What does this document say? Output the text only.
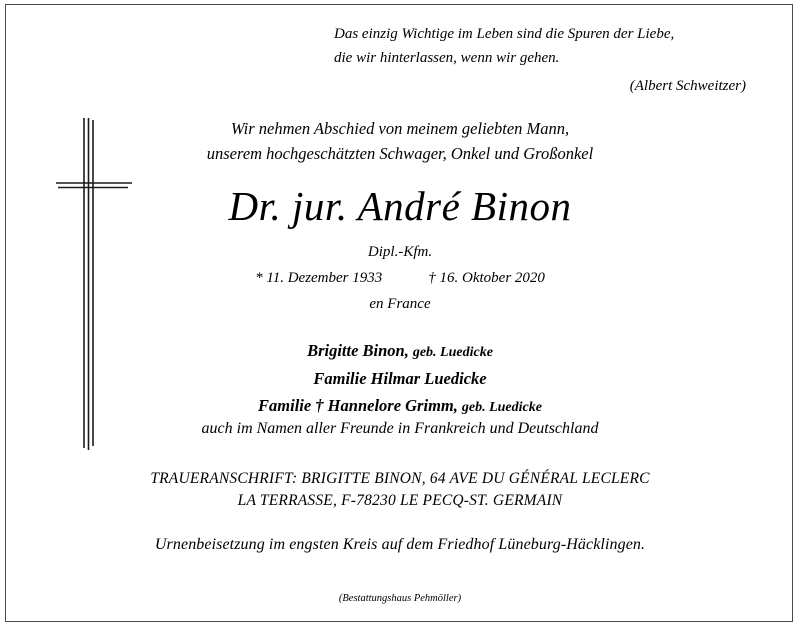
Das einzig Wichtige im Leben sind die Spuren der Liebe,
die wir hinterlassen, wenn wir gehen.
(Albert Schweitzer)
Wir nehmen Abschied von meinem geliebten Mann,
unserem hochgeschätzten Schwager, Onkel und Großonkel
Dr. jur. André Binon
Dipl.-Kfm.
* 11. Dezember 1933	† 16. Oktober 2020
en France
Brigitte Binon, geb. Luedicke
Familie Hilmar Luedicke
Familie † Hannelore Grimm, geb. Luedicke
auch im Namen aller Freunde in Frankreich und Deutschland
TRAUERANSCHRIFT: BRIGITTE BINON, 64 AVE DU GÉNÉRAL LECLERC
LA TERRASSE, F-78230 LE PECQ-ST. GERMAIN
Urnenbeisetzung im engsten Kreis auf dem Friedhof Lüneburg-Häcklingen.
(Bestattungshaus Pehmöller)
